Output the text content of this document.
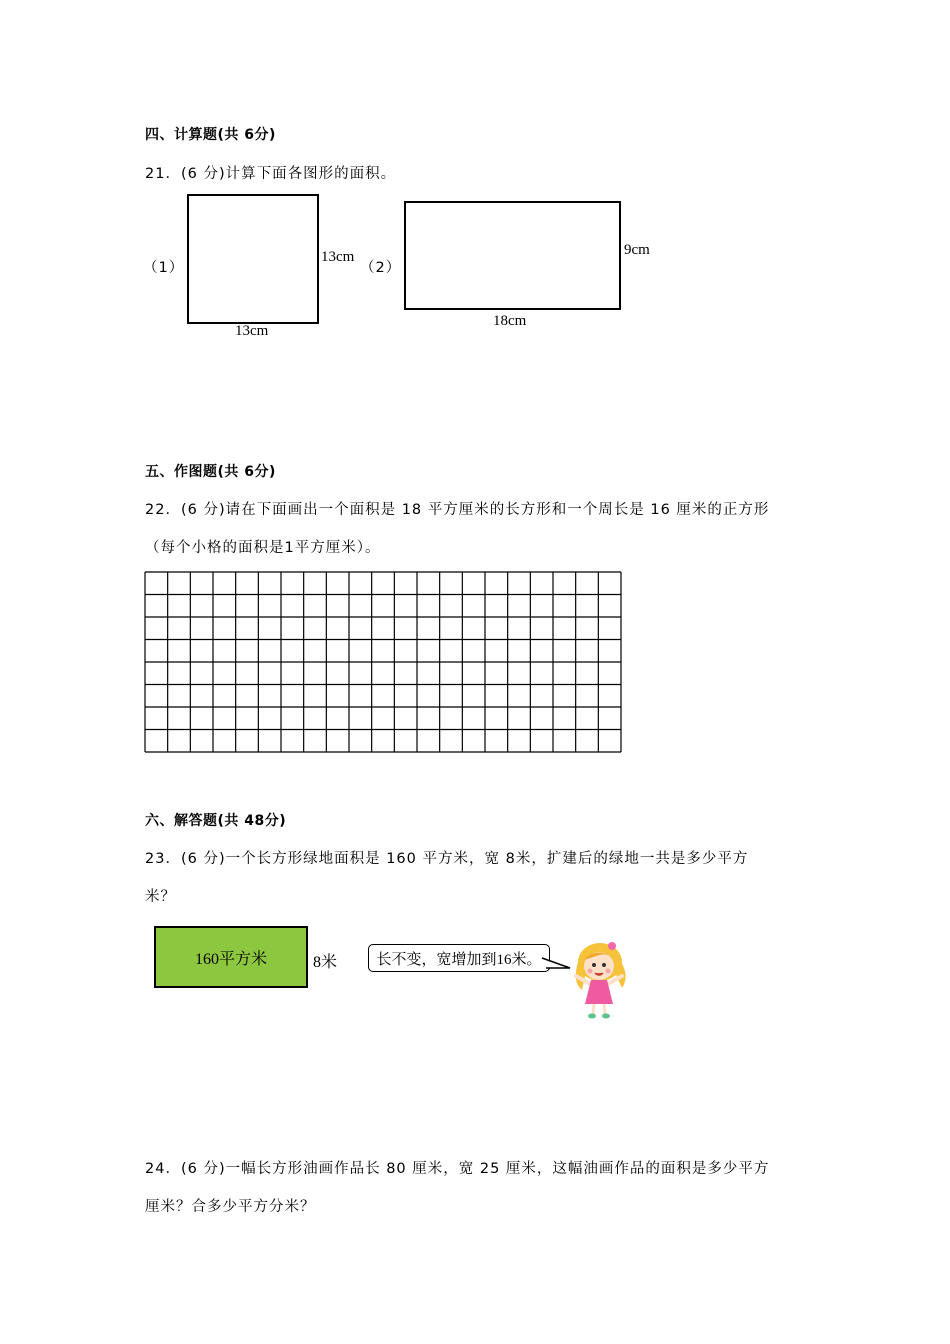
四、计算题(共 6分)
21．(6 分)计算下面各图形的面积。
（1）
13cm
13cm
（2）
9cm
18cm
五、作图题(共 6分)
22．(6 分)请在下面画出一个面积是 18 平方厘米的长方形和一个周长是 16 厘米的正方形
（每个小格的面积是1平方厘米）。
六、解答题(共 48分)
23．(6 分)一个长方形绿地面积是 160 平方米，宽 8米，扩建后的绿地一共是多少平方
米？
160平方米	8米	长不变，宽增加到16米。
24．(6 分)一幅长方形油画作品长 80 厘米，宽 25 厘米，这幅油画作品的面积是多少平方
厘米？合多少平方分米？
